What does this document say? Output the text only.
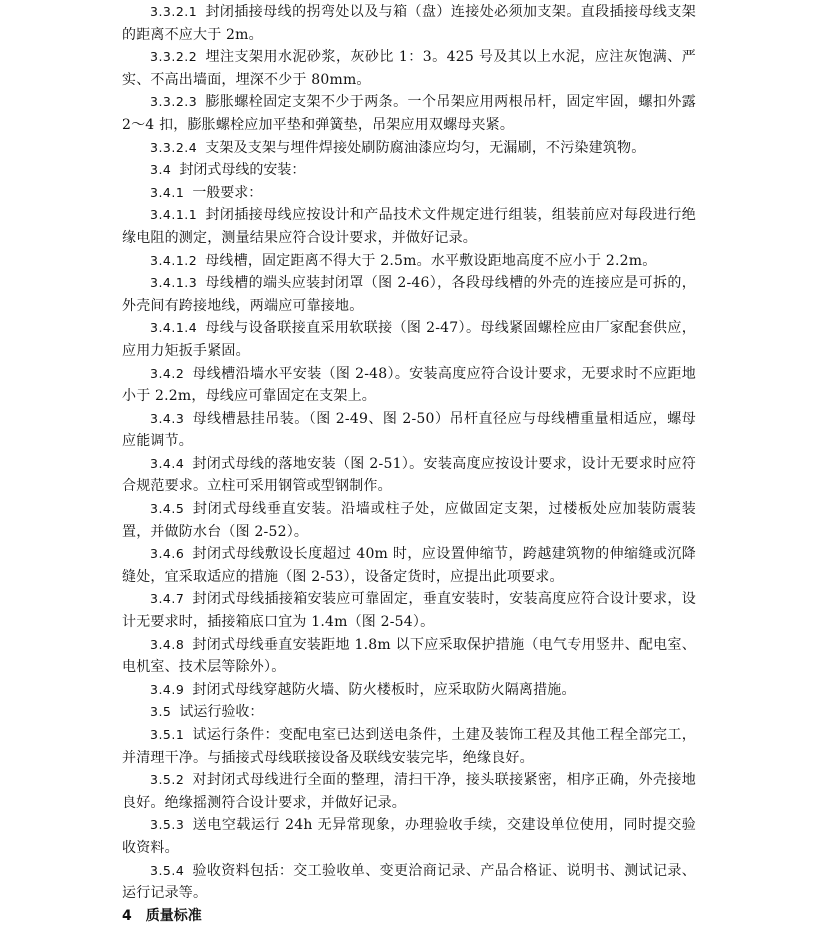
3.3.2.1 封闭插接母线的拐弯处以及与箱（盘）连接处必须加支架。直段插接母线支架的距离不应大于 2m。

3.3.2.2 埋注支架用水泥砂浆，灰砂比 1：3。425 号及其以上水泥，应注灰饱满、严实、不高出墙面，埋深不少于 80mm。

3.3.2.3 膨胀螺栓固定支架不少于两条。一个吊架应用两根吊杆，固定牢固，螺扣外露 2～4 扣，膨胀螺栓应加平垫和弹簧垫，吊架应用双螺母夹紧。

3.3.2.4 支架及支架与埋件焊接处刷防腐油漆应均匀，无漏刷，不污染建筑物。

3.4 封闭式母线的安装：

3.4.1 一般要求：

3.4.1.1 封闭插接母线应按设计和产品技术文件规定进行组装，组装前应对每段进行绝缘电阻的测定，测量结果应符合设计要求，并做好记录。

3.4.1.2 母线槽，固定距离不得大于 2.5m。水平敷设距地高度不应小于 2.2m。

3.4.1.3 母线槽的端头应装封闭罩（图 2-46），各段母线槽的外壳的连接应是可拆的，外壳间有跨接地线，两端应可靠接地。

3.4.1.4 母线与设备联接直采用软联接（图 2-47）。母线紧固螺栓应由厂家配套供应，应用力矩扳手紧固。

3.4.2 母线槽沿墙水平安装（图 2-48）。安装高度应符合设计要求，无要求时不应距地小于 2.2m，母线应可靠固定在支架上。

3.4.3 母线槽悬挂吊装。（图 2-49、图 2-50）吊杆直径应与母线槽重量相适应，螺母应能调节。

3.4.4 封闭式母线的落地安装（图 2-51）。安装高度应按设计要求，设计无要求时应符合规范要求。立柱可采用钢管或型钢制作。

3.4.5 封闭式母线垂直安装。沿墙或柱子处，应做固定支架，过楼板处应加装防震装置，并做防水台（图 2-52）。

3.4.6 封闭式母线敷设长度超过 40m 时，应设置伸缩节，跨越建筑物的伸缩缝或沉降缝处，宜采取适应的措施（图 2-53），设备定货时，应提出此项要求。

3.4.7 封闭式母线插接箱安装应可靠固定，垂直安装时，安装高度应符合设计要求，设计无要求时，插接箱底口宜为 1.4m（图 2-54）。

3.4.8 封闭式母线垂直安装距地 1.8m 以下应采取保护措施（电气专用竖井、配电室、电机室、技术层等除外）。

3.4.9 封闭式母线穿越防火墙、防火楼板时，应采取防火隔离措施。

3.5 试运行验收：

3.5.1 试运行条件：变配电室已达到送电条件，土建及装饰工程及其他工程全部完工，并清理干净。与插接式母线联接设备及联线安装完毕，绝缘良好。

3.5.2 对封闭式母线进行全面的整理，清扫干净，接头联接紧密，相序正确，外壳接地良好。绝缘摇测符合设计要求，并做好记录。

3.5.3 送电空载运行 24h 无异常现象，办理验收手续，交建设单位使用，同时提交验收资料。

3.5.4 验收资料包括：交工验收单、变更洽商记录、产品合格证、说明书、测试记录、运行记录等。

4 质量标准
